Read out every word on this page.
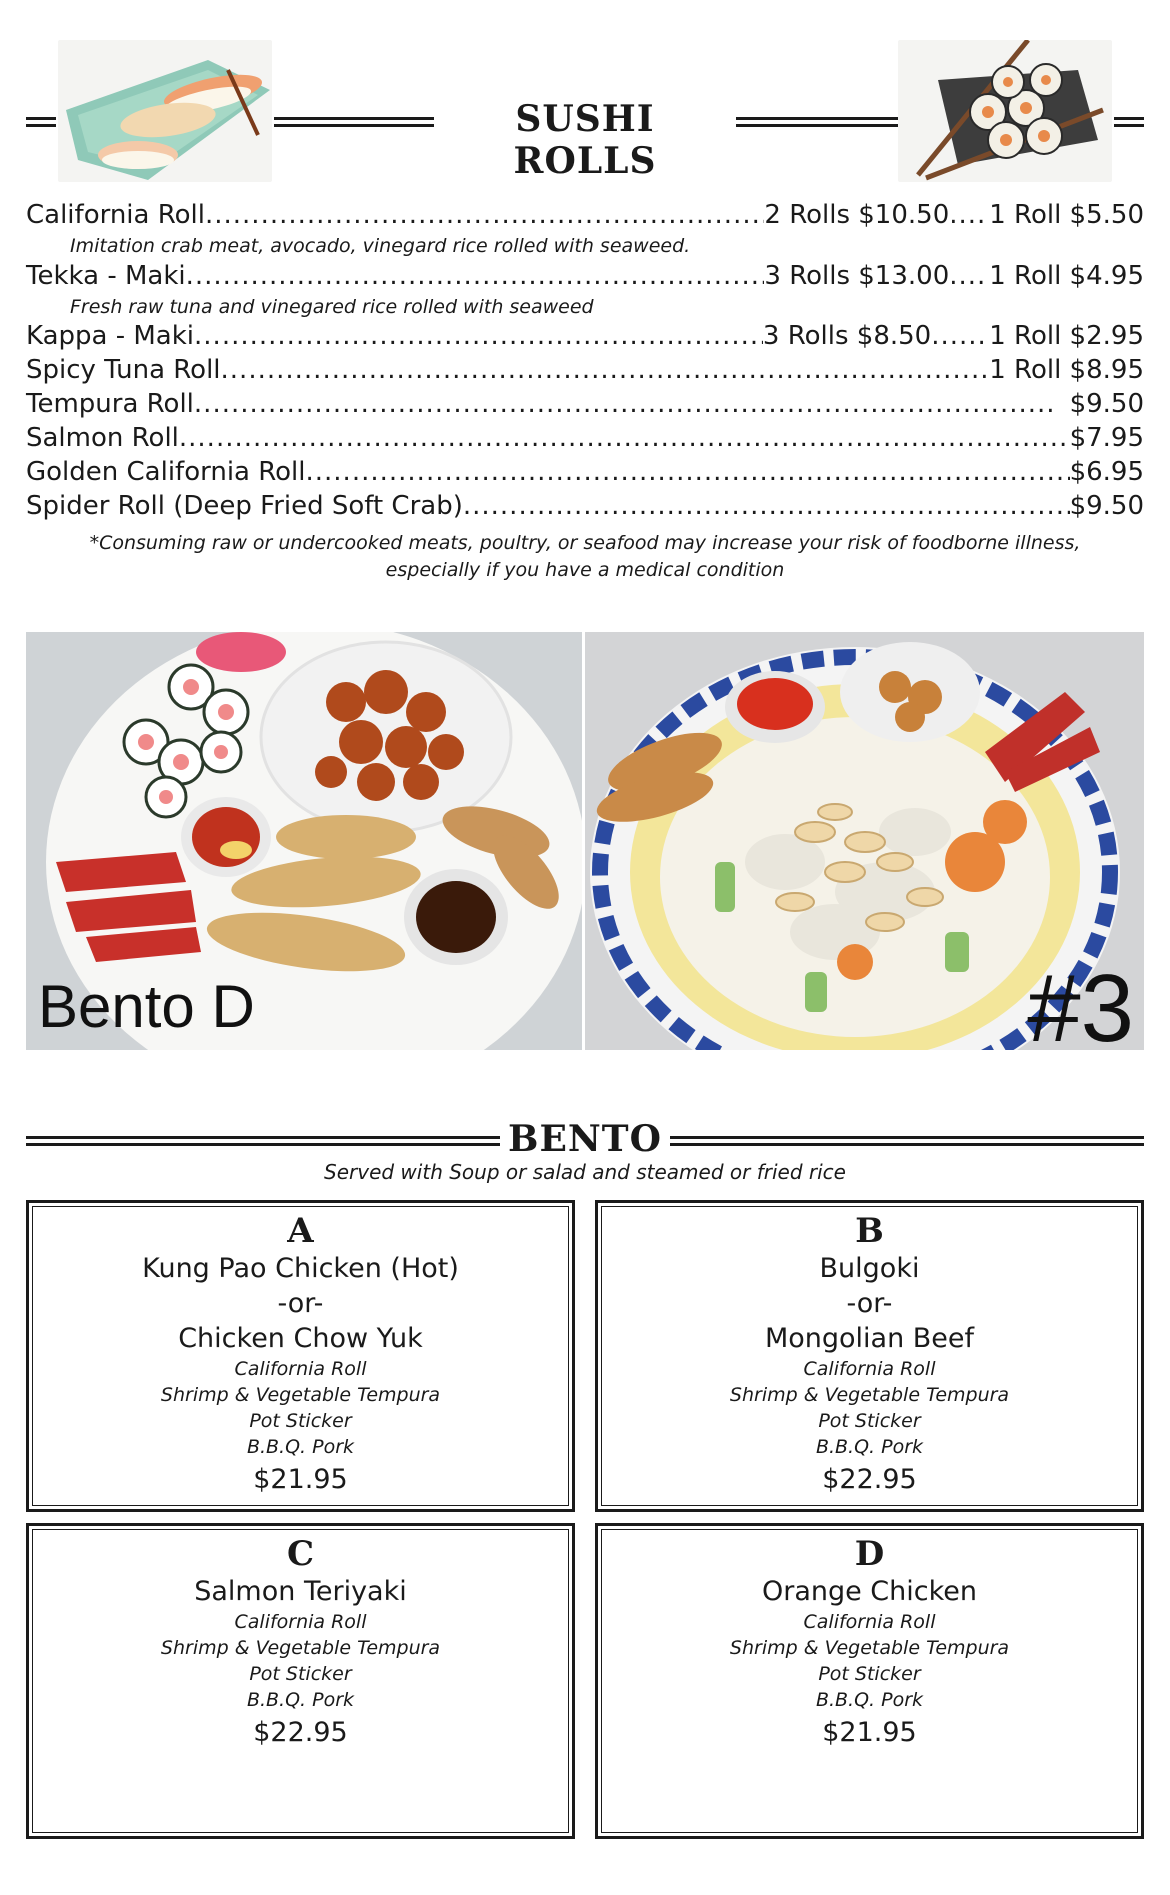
SUSHI ROLLS
California Roll .....	2 Rolls $10.50 ..... 1 Roll $5.50
Imitation crab meat, avocado, vinegard rice rolled with seaweed.
Tekka - Maki .....	3 Rolls $13.00 ..... 1 Roll $4.95
Fresh raw tuna and vinegared rice rolled with seaweed
Kappa - Maki .....	3 Rolls $8.50 ..... 1 Roll $2.95
Spicy Tuna Roll .....	1 Roll $8.95
Tempura Roll .....	$9.50
Salmon Roll .....	$7.95
Golden California Roll .....	$6.95
Spider Roll (Deep Fried Soft Crab) .....	$9.50
*Consuming raw or undercooked meats, poultry, or seafood may increase your risk of foodborne illness,
especially if you have a medical condition
Bento D	#3
BENTO
Served with Soup or salad and steamed or fried rice
A
Kung Pao Chicken (Hot)
-or-
Chicken Chow Yuk
California Roll
Shrimp & Vegetable Tempura
Pot Sticker
B.B.Q. Pork
$21.95
B
Bulgoki
-or-
Mongolian Beef
California Roll
Shrimp & Vegetable Tempura
Pot Sticker
B.B.Q. Pork
$22.95
C
Salmon Teriyaki
California Roll
Shrimp & Vegetable Tempura
Pot Sticker
B.B.Q. Pork
$22.95
D
Orange Chicken
California Roll
Shrimp & Vegetable Tempura
Pot Sticker
B.B.Q. Pork
$21.95
